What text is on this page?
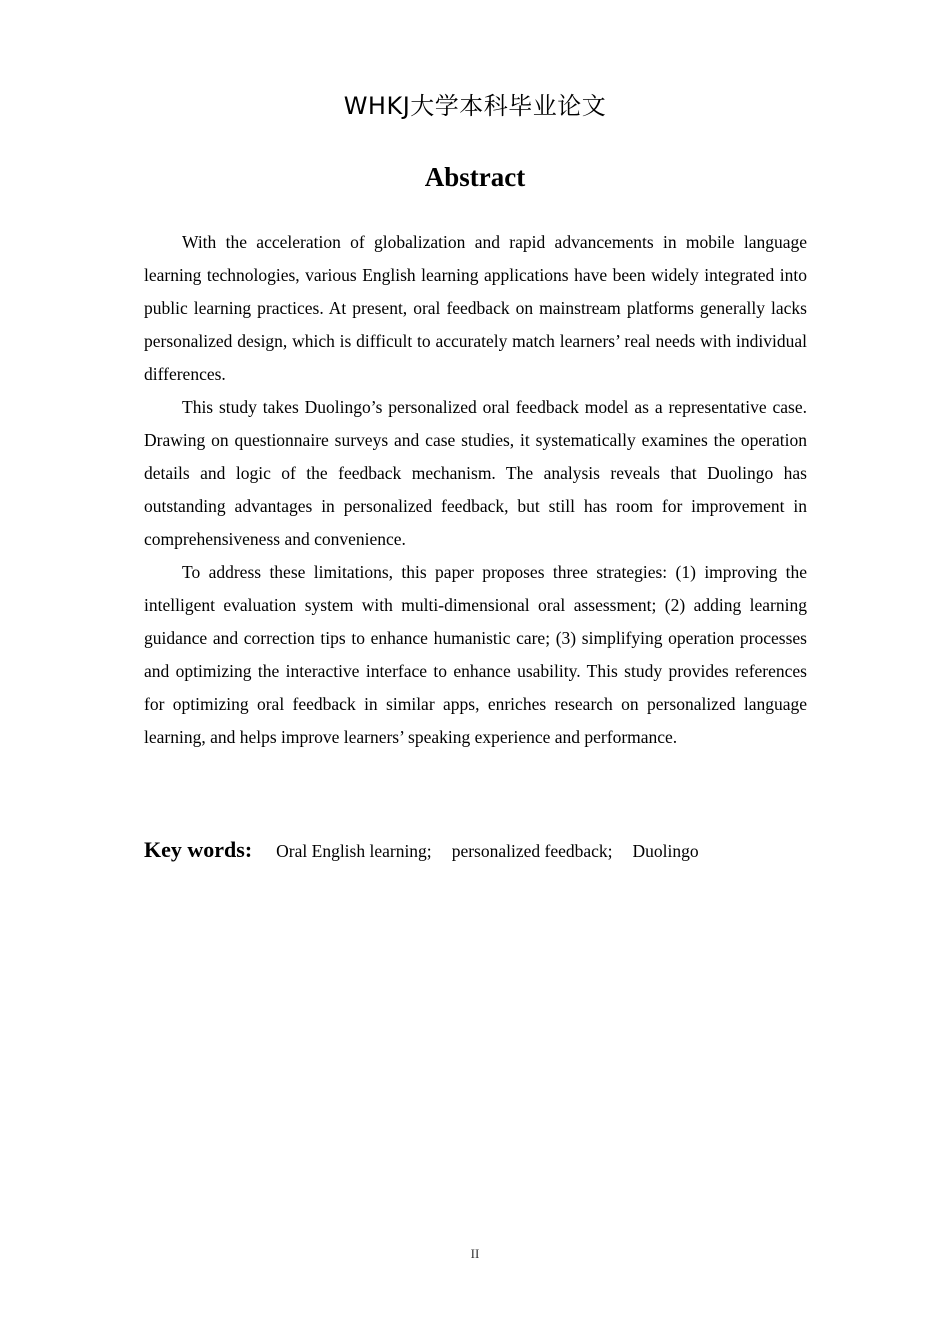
WHKJ大学本科毕业论文
Abstract

With the acceleration of globalization and rapid advancements in mobile language learning technologies, various English learning applications have been widely integrated into public learning practices. At present, oral feedback on mainstream platforms generally lacks personalized design, which is difficult to accurately match learners’ real needs with individual differences.

This study takes Duolingo’s personalized oral feedback model as a representative case. Drawing on questionnaire surveys and case studies, it systematically examines the operation details and logic of the feedback mechanism. The analysis reveals that Duolingo has outstanding advantages in personalized feedback, but still has room for improvement in comprehensiveness and convenience.

To address these limitations, this paper proposes three strategies: (1) improving the intelligent evaluation system with multi-dimensional oral assessment; (2) adding learning guidance and correction tips to enhance humanistic care; (3) simplifying operation processes and optimizing the interactive interface to enhance usability. This study provides references for optimizing oral feedback in similar apps, enriches research on personalized language learning, and helps improve learners’ speaking experience and performance.

Key words: Oral English learning; personalized feedback; Duolingo
II
